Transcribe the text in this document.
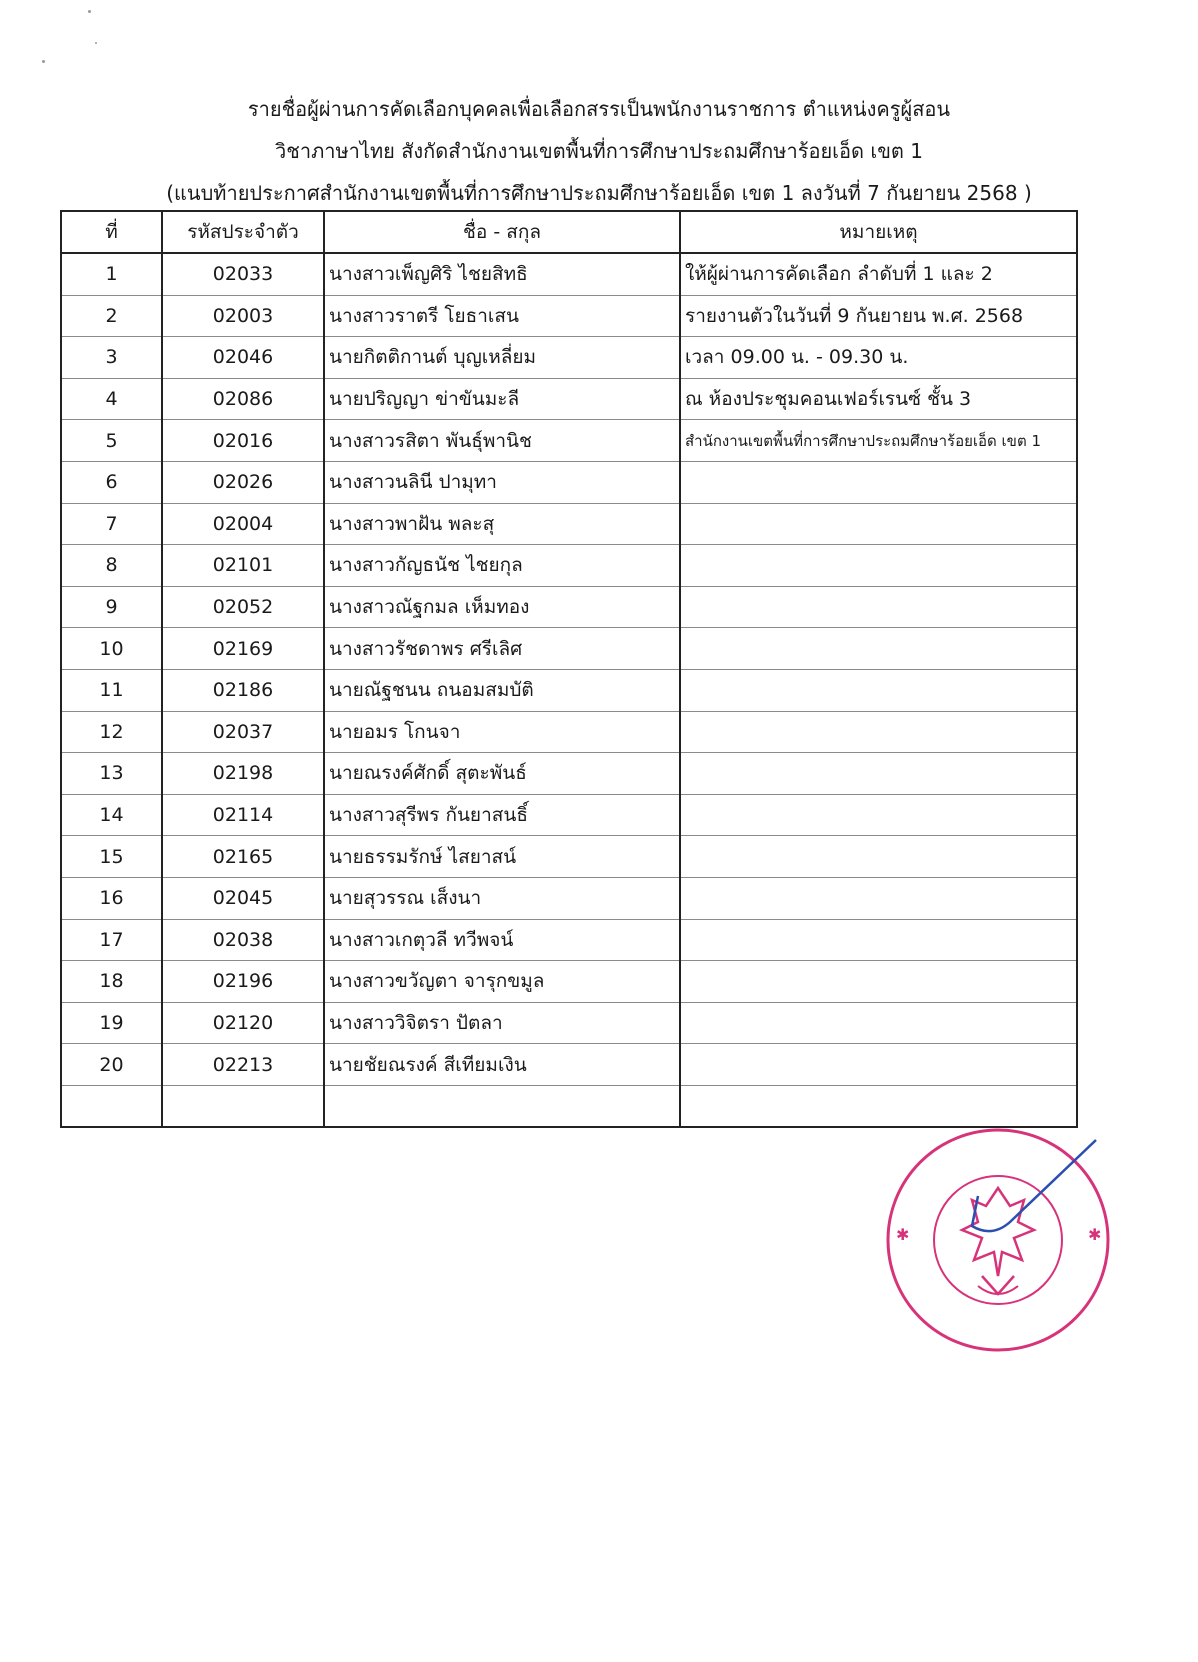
รายชื่อผู้ผ่านการคัดเลือกบุคคลเพื่อเลือกสรรเป็นพนักงานราชการ ตำแหน่งครูผู้สอน
วิชาภาษาไทย สังกัดสำนักงานเขตพื้นที่การศึกษาประถมศึกษาร้อยเอ็ด เขต 1
(แนบท้ายประกาศสำนักงานเขตพื้นที่การศึกษาประถมศึกษาร้อยเอ็ด เขต 1 ลงวันที่ 7 กันยายน 2568 )
ที่	รหัสประจำตัว	ชื่อ - สกุล	หมายเหตุ
1	02033	นางสาวเพ็ญศิริ ไชยสิทธิ	ให้ผู้ผ่านการคัดเลือก ลำดับที่ 1 และ 2
2	02003	นางสาวราตรี โยธาเสน	รายงานตัวในวันที่ 9 กันยายน พ.ศ. 2568
3	02046	นายกิตติกานต์ บุญเหลี่ยม	เวลา 09.00 น. - 09.30 น.
4	02086	นายปริญญา ข่าขันมะลี	ณ ห้องประชุมคอนเฟอร์เรนซ์ ชั้น 3
5	02016	นางสาวรสิตา พันธุ์พานิช	สำนักงานเขตพื้นที่การศึกษาประถมศึกษาร้อยเอ็ด เขต 1
6	02026	นางสาวนลินี ปามุทา	
7	02004	นางสาวพาฝัน พละสุ	
8	02101	นางสาวกัญธนัช ไชยกุล	
9	02052	นางสาวณัฐกมล เห็มทอง	
10	02169	นางสาวรัชดาพร ศรีเลิศ	
11	02186	นายณัฐชนน ถนอมสมบัติ	
12	02037	นายอมร โกนจา	
13	02198	นายณรงค์ศักดิ์ สุตะพันธ์	
14	02114	นางสาวสุรีพร กันยาสนธิ์	
15	02165	นายธรรมรักษ์ ไสยาสน์	
16	02045	นายสุวรรณ เส็งนา	
17	02038	นางสาวเกตุวลี ทวีพจน์	
18	02196	นางสาวขวัญตา จารุกขมูล	
19	02120	นางสาววิจิตรา ปัตลา	
20	02213	นายชัยณรงค์ สีเทียมเงิน	

✱	✱
